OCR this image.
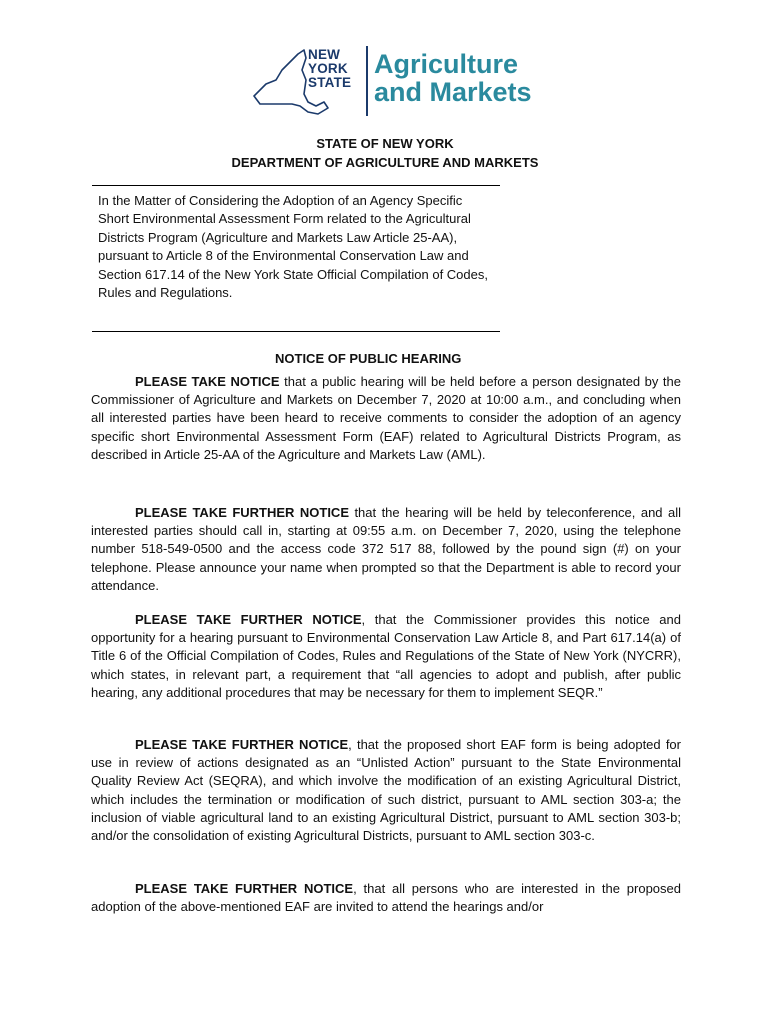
NEW
YORK
STATE
Agriculture
and Markets
STATE OF NEW YORK
DEPARTMENT OF AGRICULTURE AND MARKETS
In the Matter of Considering the Adoption of an Agency Specific Short Environmental Assessment Form related to the Agricultural Districts Program (Agriculture and Markets Law Article 25-AA), pursuant to Article 8 of the Environmental Conservation Law and Section 617.14 of the New York State Official Compilation of Codes, Rules and Regulations.
NOTICE OF PUBLIC HEARING

PLEASE TAKE NOTICE that a public hearing will be held before a person designated by the Commissioner of Agriculture and Markets on December 7, 2020 at 10:00 a.m., and concluding when all interested parties have been heard to receive comments to consider the adoption of an agency specific short Environmental Assessment Form (EAF) related to Agricultural Districts Program, as described in Article 25-AA of the Agriculture and Markets Law (AML).

PLEASE TAKE FURTHER NOTICE that the hearing will be held by teleconference, and all interested parties should call in, starting at 09:55 a.m. on December 7, 2020, using the telephone number 518-549-0500 and the access code 372 517 88, followed by the pound sign (#) on your telephone. Please announce your name when prompted so that the Department is able to record your attendance.

PLEASE TAKE FURTHER NOTICE, that the Commissioner provides this notice and opportunity for a hearing pursuant to Environmental Conservation Law Article 8, and Part 617.14(a) of Title 6 of the Official Compilation of Codes, Rules and Regulations of the State of New York (NYCRR), which states, in relevant part, a requirement that “all agencies to adopt and publish, after public hearing, any additional procedures that may be necessary for them to implement SEQR.”

PLEASE TAKE FURTHER NOTICE, that the proposed short EAF form is being adopted for use in review of actions designated as an “Unlisted Action” pursuant to the State Environmental Quality Review Act (SEQRA), and which involve the modification of an existing Agricultural District, which includes the termination or modification of such district, pursuant to AML section 303-a; the inclusion of viable agricultural land to an existing Agricultural District, pursuant to AML section 303-b; and/or the consolidation of existing Agricultural Districts, pursuant to AML section 303-c.

PLEASE TAKE FURTHER NOTICE, that all persons who are interested in the proposed adoption of the above-mentioned EAF are invited to attend the hearings and/or
